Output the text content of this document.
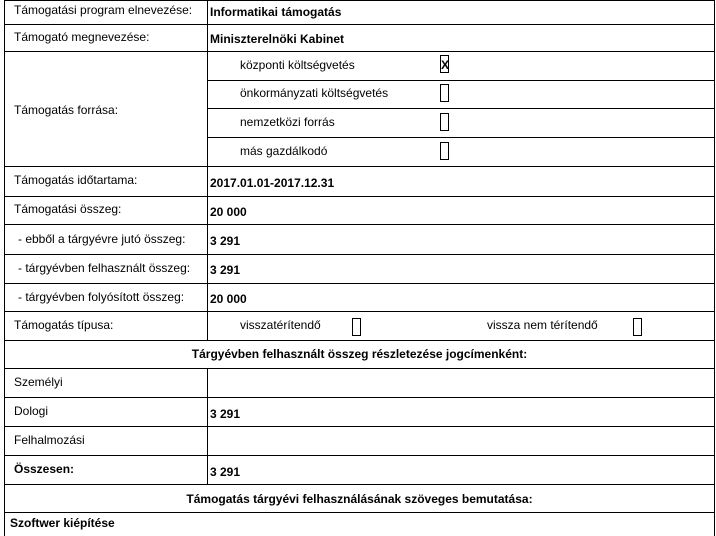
Támogatási program elnevezése: Informatikai támogatás
Támogató megnevezése:	Miniszterelnöki Kabinet
Támogatás forrása:
központi költségvetés	X
önkormányzati költségvetés
nemzetközi forrás
más gazdálkodó
Támogatás időtartama:	2017.01.01-2017.12.31
Támogatási összeg:	20 000
- ebből a tárgyévre jutó összeg: 3 291
- tárgyévben felhasznált összeg: 3 291
- tárgyévben folyósított összeg: 20 000
Támogatás típusa:	visszatérítendő	vissza nem térítendő
Tárgyévben felhasznált összeg részletezése jogcímenként:
Személyi
Dologi	3 291
Felhalmozási
Összesen:	3 291
Támogatás tárgyévi felhasználásának szöveges bemutatása:
Szoftwer kiépítése
